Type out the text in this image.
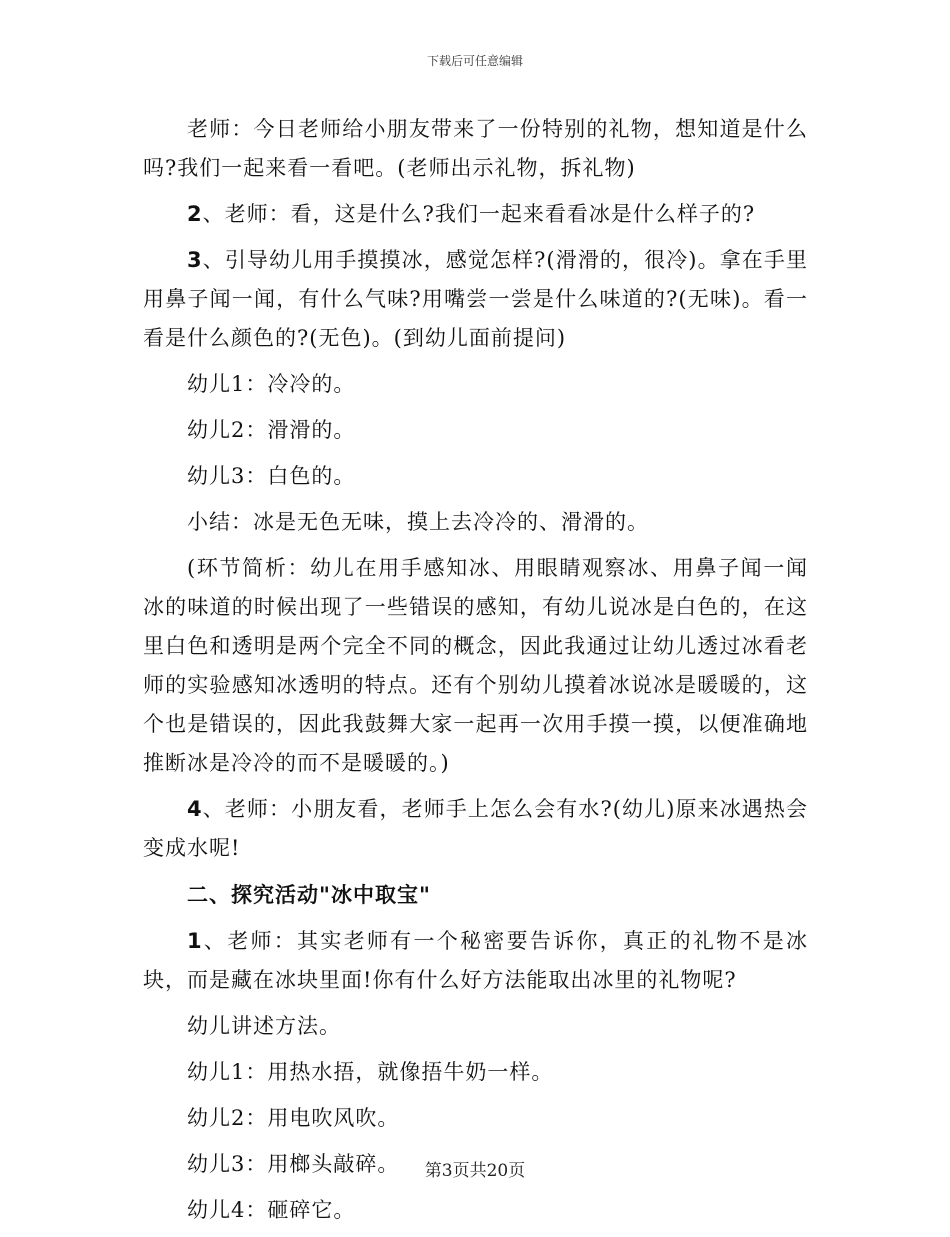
下载后可任意编辑

老师：今日老师给小朋友带来了一份特别的礼物，想知道是什么吗?我们一起来看一看吧。(老师出示礼物，拆礼物)

2、老师：看，这是什么?我们一起来看看冰是什么样子的?

3、引导幼儿用手摸摸冰，感觉怎样?(滑滑的，很冷)。拿在手里用鼻子闻一闻，有什么气味?用嘴尝一尝是什么味道的?(无味)。看一看是什么颜色的?(无色)。(到幼儿面前提问)

幼儿1：冷冷的。

幼儿2：滑滑的。

幼儿3：白色的。

小结：冰是无色无味，摸上去冷冷的、滑滑的。

(环节简析：幼儿在用手感知冰、用眼睛观察冰、用鼻子闻一闻冰的味道的时候出现了一些错误的感知，有幼儿说冰是白色的，在这里白色和透明是两个完全不同的概念，因此我通过让幼儿透过冰看老师的实验感知冰透明的特点。还有个别幼儿摸着冰说冰是暖暖的，这个也是错误的，因此我鼓舞大家一起再一次用手摸一摸，以便准确地推断冰是冷冷的而不是暖暖的。)

4、老师：小朋友看，老师手上怎么会有水?(幼儿)原来冰遇热会变成水呢!

二、探究活动"冰中取宝"

1、老师：其实老师有一个秘密要告诉你，真正的礼物不是冰块，而是藏在冰块里面!你有什么好方法能取出冰里的礼物呢?

幼儿讲述方法。

幼儿1：用热水捂，就像捂牛奶一样。

幼儿2：用电吹风吹。

幼儿3：用榔头敲碎。

幼儿4：砸碎它。

第3页共20页
